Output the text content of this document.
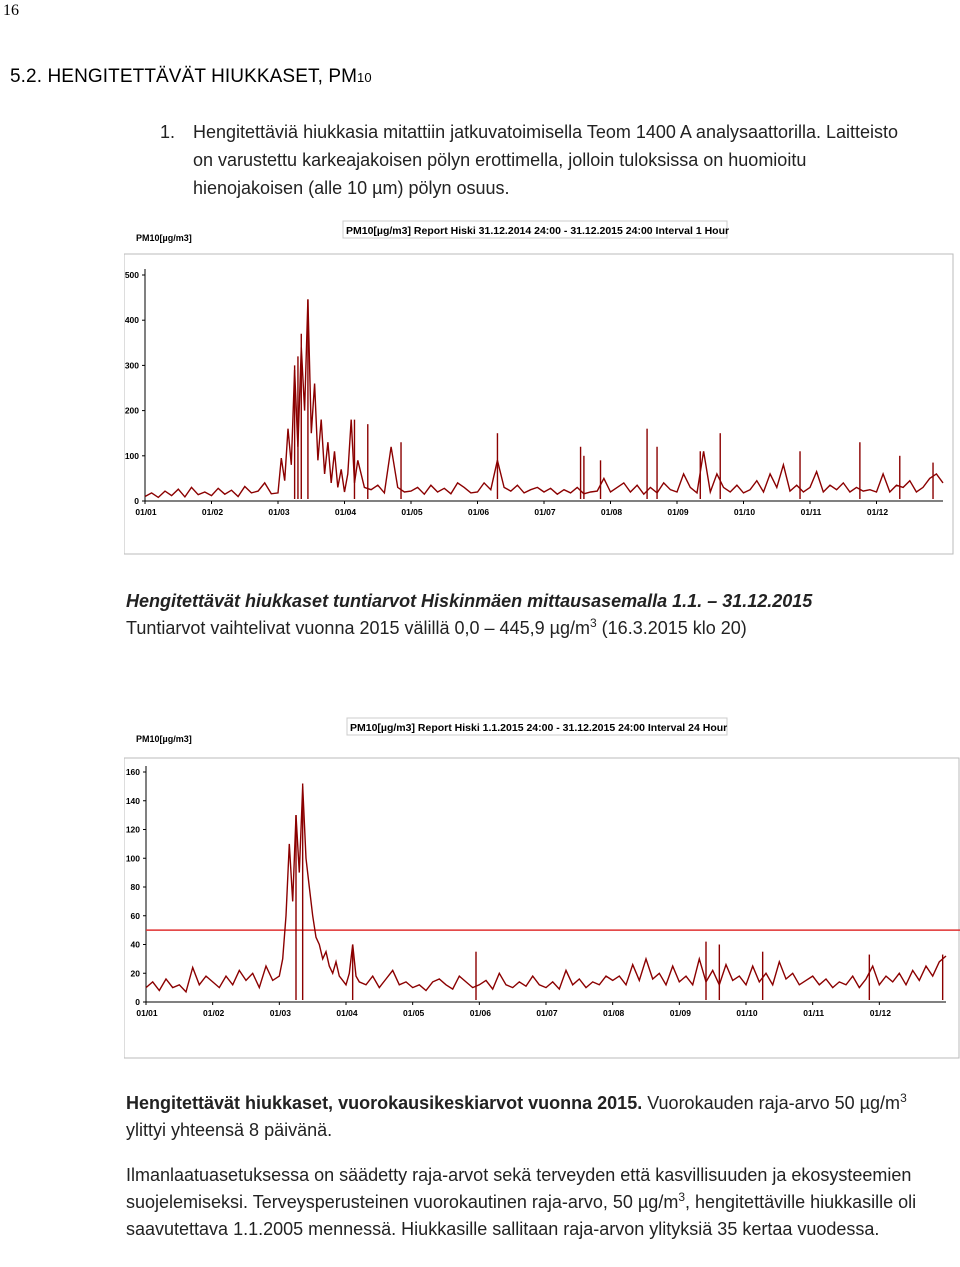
16
5.2. HENGITETTÄVÄT HIUKKASET, PM10
1. Hengitettäviä hiukkasia mitattiin jatkuvatoimisella Teom 1400 A analysaattorilla. Laitteisto on varustettu karkeajakoisen pölyn erottimella, jolloin tuloksissa on huomioitu hienojakoisen (alle 10 µm) pölyn osuus.
PM10[µg/m3] Report Hiski 31.12.2014 24:00 - 31.12.2015 24:00 Interval 1 Hour
PM10[µg/m3]
0
100
200
300
400
500
01/01	01/02	01/03	01/04	01/05	01/06	01/07	01/08	01/09	01/10	01/11	01/12
Hengitettävät hiukkaset tuntiarvot Hiskinmäen mittausasemalla 1.1. – 31.12.2015
Tuntiarvot vaihtelivat vuonna 2015 välillä 0,0 – 445,9 $\mu g/m^3$ (16.3.2015 klo 20)
PM10[µg/m3] Report Hiski 1.1.2015 24:00 - 31.12.2015 24:00 Interval 24 Hour
PM10[µg/m3]
0
20
40
60
80
100
120
140
160
01/01	01/02	01/03	01/04	01/05	01/06	01/07	01/08	01/09	01/10	01/11	01/12
Hengitettävät hiukkaset, vuorokausikeskiarvot vuonna 2015. Vuorokauden raja-arvo 50 $\mu g/m^3$ ylittyi yhteensä 8 päivänä.
Ilmanlaatuasetuksessa on säädetty raja-arvot sekä terveyden että kasvillisuuden ja ekosysteemien suojelemiseksi. Terveysperusteinen vuorokautinen raja-arvo, 50 $\mu g/m^3$, hengitettäville hiukkasille oli saavutettava 1.1.2005 mennessä. Hiukkasille sallitaan raja-arvon ylityksiä 35 kertaa vuodessa.
